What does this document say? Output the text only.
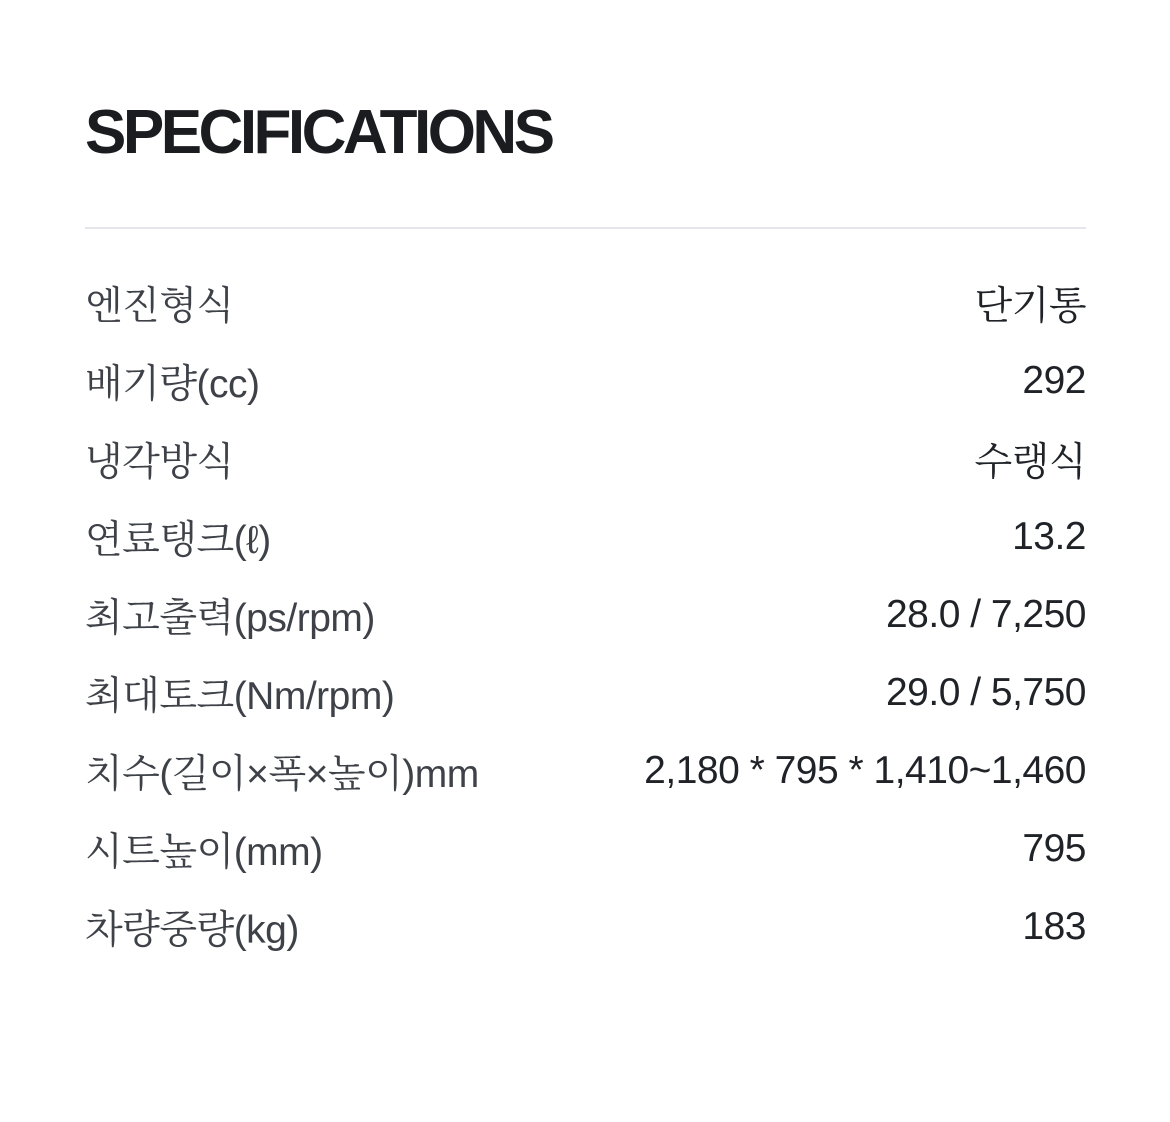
SPECIFICATIONS
엔진형식	단기통
배기량(cc)	292
냉각방식	수랭식
연료탱크(ℓ)	13.2
최고출력(ps/rpm)	28.0 / 7,250
최대토크(Nm/rpm)	29.0 / 5,750
치수(길이×폭×높이)mm	2,180 * 795 * 1,410~1,460
시트높이(mm)	795
차량중량(kg)	183
